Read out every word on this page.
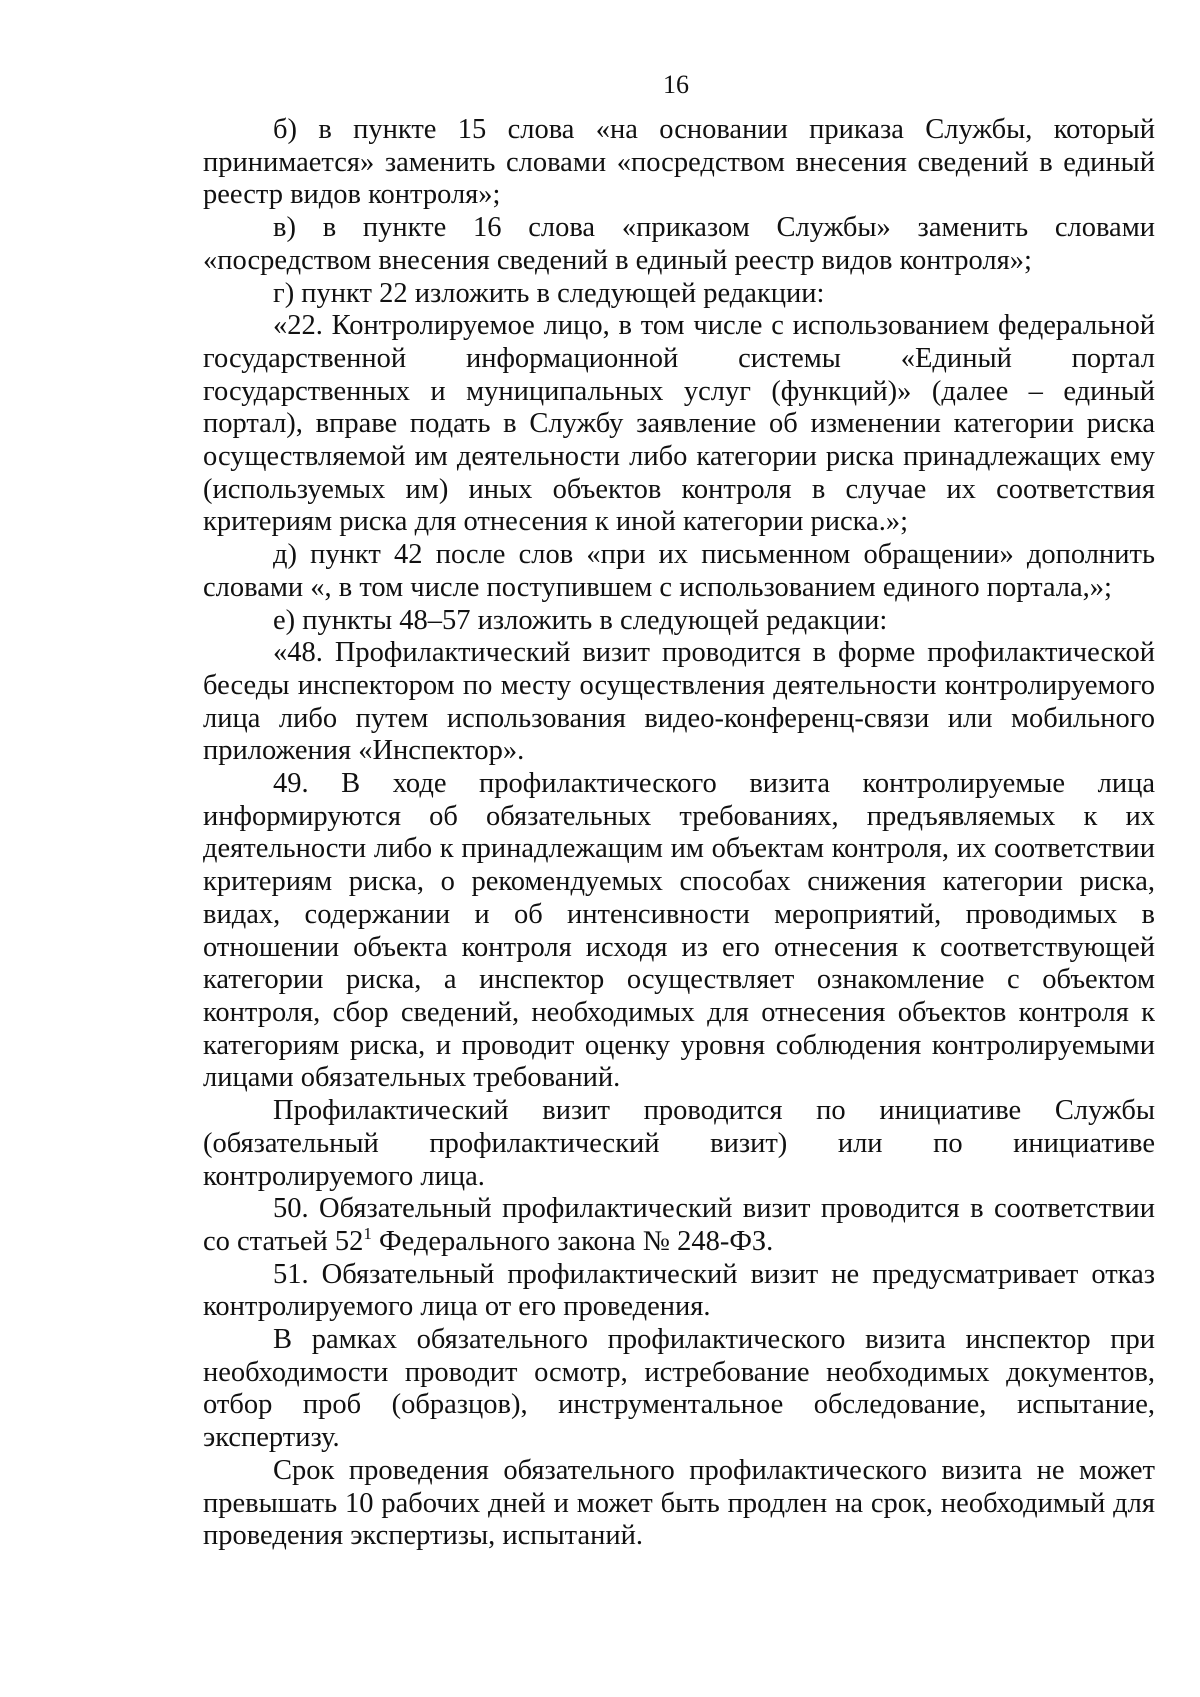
16

б) в пункте 15 слова «на основании приказа Службы, который принимается» заменить словами «посредством внесения сведений в единый реестр видов контроля»;

в) в пункте 16 слова «приказом Службы» заменить словами «посредством внесения сведений в единый реестр видов контроля»;

г) пункт 22 изложить в следующей редакции:

«22. Контролируемое лицо, в том числе с использованием федеральной государственной информационной системы «Единый портал государственных и муниципальных услуг (функций)» (далее – единый портал), вправе подать в Службу заявление об изменении категории риска осуществляемой им деятельности либо категории риска принадлежащих ему (используемых им) иных объектов контроля в случае их соответствия критериям риска для отнесения к иной категории риска.»;

д) пункт 42 после слов «при их письменном обращении» дополнить словами «, в том числе поступившем с использованием единого портала,»;

е) пункты 48–57 изложить в следующей редакции:

«48. Профилактический визит проводится в форме профилактической беседы инспектором по месту осуществления деятельности контролируемого лица либо путем использования видео-конференц-связи или мобильного приложения «Инспектор».

49. В ходе профилактического визита контролируемые лица информируются об обязательных требованиях, предъявляемых к их деятельности либо к принадлежащим им объектам контроля, их соответствии критериям риска, о рекомендуемых способах снижения категории риска, видах, содержании и об интенсивности мероприятий, проводимых в отношении объекта контроля исходя из его отнесения к соответствующей категории риска, а инспектор осуществляет ознакомление с объектом контроля, сбор сведений, необходимых для отнесения объектов контроля к категориям риска, и проводит оценку уровня соблюдения контролируемыми лицами обязательных требований.

Профилактический визит проводится по инициативе Службы (обязательный профилактический визит) или по инициативе контролируемого лица.

50. Обязательный профилактический визит проводится в соответствии со статьей $52^1$ Федерального закона № 248-ФЗ.

51. Обязательный профилактический визит не предусматривает отказ контролируемого лица от его проведения.

В рамках обязательного профилактического визита инспектор при необходимости проводит осмотр, истребование необходимых документов, отбор проб (образцов), инструментальное обследование, испытание, экспертизу.

Срок проведения обязательного профилактического визита не может превышать 10 рабочих дней и может быть продлен на срок, необходимый для проведения экспертизы, испытаний.
